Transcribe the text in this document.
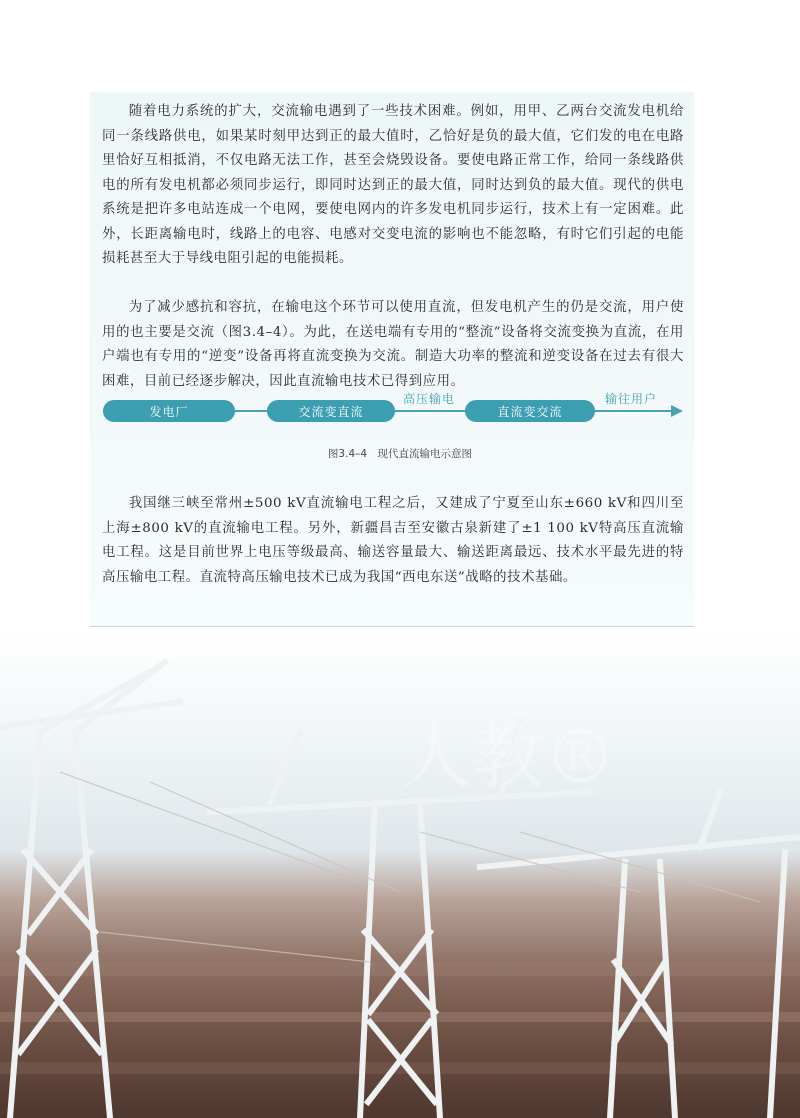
随着电力系统的扩大，交流输电遇到了一些技术困难。例如，用甲、乙两台交流发电机给同一条线路供电，如果某时刻甲达到正的最大值时，乙恰好是负的最大值，它们发的电在电路里恰好互相抵消，不仅电路无法工作，甚至会烧毁设备。要使电路正常工作，给同一条线路供电的所有发电机都必须同步运行，即同时达到正的最大值，同时达到负的最大值。现代的供电系统是把许多电站连成一个电网，要使电网内的许多发电机同步运行，技术上有一定困难。此外，长距离输电时，线路上的电容、电感对交变电流的影响也不能忽略，有时它们引起的电能损耗甚至大于导线电阻引起的电能损耗。

为了减少感抗和容抗，在输电这个环节可以使用直流，但发电机产生的仍是交流，用户使用的也主要是交流（图3.4–4）。为此，在送电端有专用的“整流”设备将交流变换为直流，在用户端也有专用的“逆变”设备再将直流变换为交流。制造大功率的整流和逆变设备在过去有很大困难，目前已经逐步解决，因此直流输电技术已得到应用。

发电厂	交流变直流
高压输电
直流变交流
输往用户
图3.4–4　现代直流输电示意图

我国继三峡至常州±500 kV直流输电工程之后，又建成了宁夏至山东±660 kV和四川至上海±800 kV的直流输电工程。另外，新疆昌吉至安徽古泉新建了±1 100 kV特高压直流输电工程。这是目前世界上电压等级最高、输送容量最大、输送距离最远、技术水平最先进的特高压输电工程。直流特高压输电技术已成为我国“西电东送”战略的技术基础。

人教®
